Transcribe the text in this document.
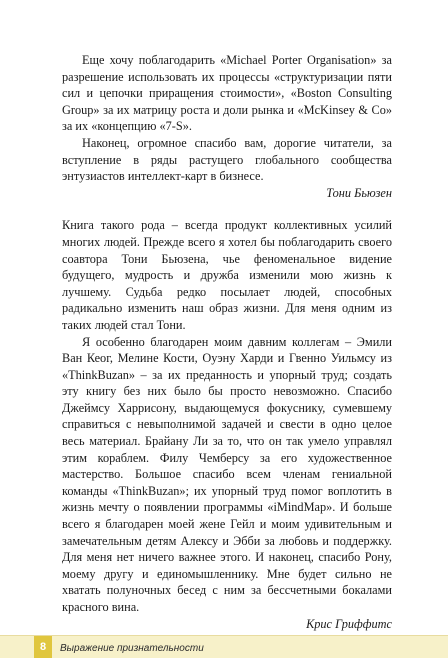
Еще хочу поблагодарить «Michael Porter Organisation» за разрешение использовать их процессы «структуризации пяти сил и цепочки приращения стоимости», «Boston Consulting Group» за их матрицу роста и доли рынка и «McKinsey & Co» за их «концепцию «7-S».

Наконец, огромное спасибо вам, дорогие читатели, за вступление в ряды растущего глобального сообщества энтузиастов интеллект-карт в бизнесе.

Тони Бьюзен

Книга такого рода – всегда продукт коллективных усилий многих людей. Прежде всего я хотел бы поблагодарить своего соавтора Тони Бьюзена, чье феноменальное видение будущего, мудрость и дружба изменили мою жизнь к лучшему. Судьба редко посылает людей, способных радикально изменить наш образ жизни. Для меня одним из таких людей стал Тони.

Я особенно благодарен моим давним коллегам – Эмили Ван Кеог, Мелине Кости, Оуэну Харди и Гвенно Уильмсу из «ThinkBuzan» – за их преданность и упорный труд; создать эту книгу без них было бы просто невозможно. Спасибо Джеймсу Харрисону, выдающемуся фокуснику, сумевшему справиться с невыполнимой задачей и свести в одно целое весь материал. Брайану Ли за то, что он так умело управлял этим кораблем. Филу Чемберсу за его художественное мастерство. Большое спасибо всем членам гениальной команды «ThinkBuzan»; их упорный труд помог воплотить в жизнь мечту о появлении программы «iMindMap». И больше всего я благодарен моей жене Гейл и моим удивительным и замечательным детям Алексу и Эбби за любовь и поддержку. Для меня нет ничего важнее этого. И наконец, спасибо Рону, моему другу и единомышленнику. Мне будет сильно не хватать полуночных бесед с ним за бессчетными бокалами красного вина.

Крис Гриффитс

8	Выражение признательности
